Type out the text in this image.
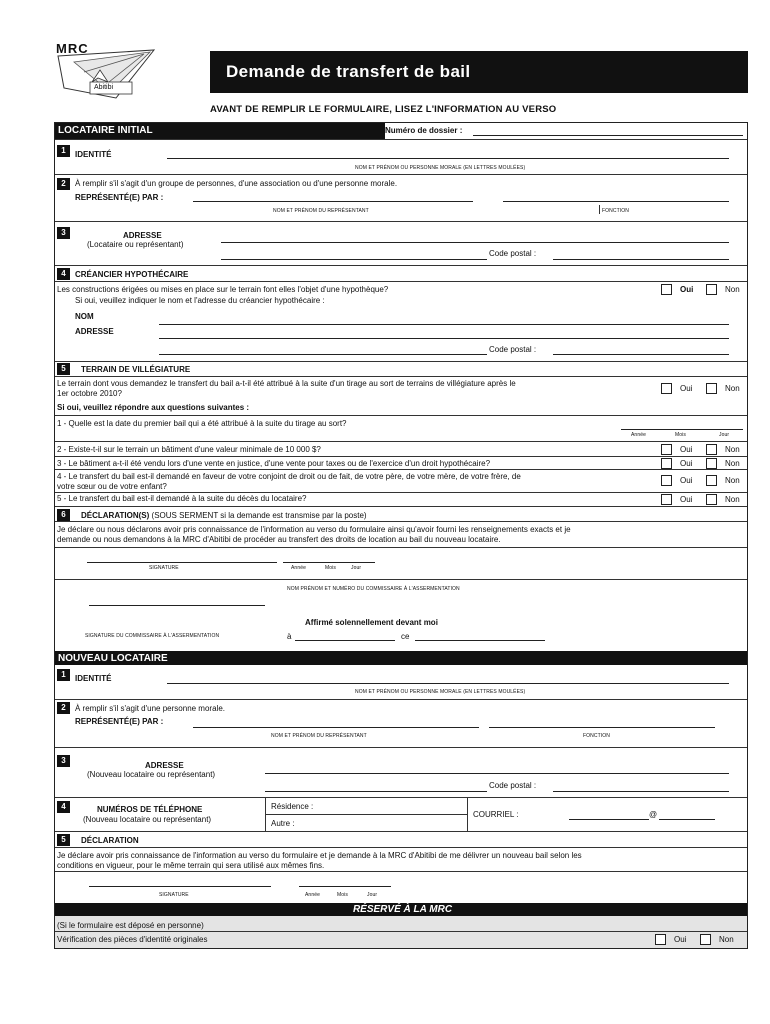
MRC
Abitibi
Demande de transfert de bail
AVANT DE REMPLIR LE FORMULAIRE, LISEZ L'INFORMATION AU VERSO
LOCATAIRE INITIAL	Numéro de dossier :
1	IDENTITÉ
NOM ET PRÉNOM OU PERSONNE MORALE (EN LETTRES MOULÉES)
2	À remplir s'il s'agit d'un groupe de personnes, d'une association ou d'une personne morale.
REPRÉSENTÉ(E) PAR :
NOM ET PRÉNOM DU REPRÉSENTANT	FONCTION
3	ADRESSE
(Locataire ou représentant)
Code postal :
4	CRÉANCIER HYPOTHÉCAIRE
Les constructions érigées ou mises en place sur le terrain font elles l'objet d'une hypothèque?	Oui	Non
Si oui, veuillez indiquer le nom et l'adresse du créancier hypothécaire :
NOM
ADRESSE
Code postal :
5	TERRAIN DE VILLÉGIATURE
Le terrain dont vous demandez le transfert du bail a-t-il été attribué à la suite d'un tirage au sort de terrains de villégiature après le
1er octobre 2010?
Oui	Non
Si oui, veuillez répondre aux questions suivantes :
1 - Quelle est la date du premier bail qui a été attribué à la suite du tirage au sort?
Année	Mois	Jour
2 - Existe-t-il sur le terrain un bâtiment d'une valeur minimale de 10 000 $?	Oui	Non
3 - Le bâtiment a-t-il été vendu lors d'une vente en justice, d'une vente pour taxes ou de l'exercice d'un droit hypothécaire?	Oui	Non
4 - Le transfert du bail est-il demandé en faveur de votre conjoint de droit ou de fait, de votre père, de votre mère, de votre frère, de
votre sœur ou de votre enfant?
Oui	Non
5 - Le transfert du bail est-il demandé à la suite du décès du locataire?	Oui	Non
6	DÉCLARATION(S) (SOUS SERMENT si la demande est transmise par la poste)
Je déclare ou nous déclarons avoir pris connaissance de l'information au verso du formulaire ainsi qu'avoir fourni les renseignements exacts et je
demande ou nous demandons à la MRC d'Abitibi de procéder au transfert des droits de location au bail du nouveau locataire.
SIGNATURE	Année	Mois	Jour
NOM PRÉNOM ET NUMÉRO DU COMMISSAIRE À L'ASSERMENTATION
Affirmé solennellement devant moi
SIGNATURE DU COMMISSAIRE À L'ASSERMENTATION	à	ce
NOUVEAU LOCATAIRE
1	IDENTITÉ
NOM ET PRÉNOM OU PERSONNE MORALE (EN LETTRES MOULÉES)
2	À remplir s'il s'agit d'une personne morale.
REPRÉSENTÉ(E) PAR :
NOM ET PRÉNOM DU REPRÉSENTANT	FONCTION
3
ADRESSE
(Nouveau locataire ou représentant)
Code postal :
4	NUMÉROS DE TÉLÉPHONE
(Nouveau locataire ou représentant)
Résidence :
Autre :
COURRIEL :	@
5	DÉCLARATION
Je déclare avoir pris connaissance de l'information au verso du formulaire et je demande à la MRC d'Abitibi de me délivrer un nouveau bail selon les
conditions en vigueur, pour le même terrain qui sera utilisé aux mêmes fins.
SIGNATURE	Année	Mois	Jour
RÉSERVÉ À LA MRC
(Si le formulaire est déposé en personne)
Vérification des pièces d'identité originales	Oui	Non
